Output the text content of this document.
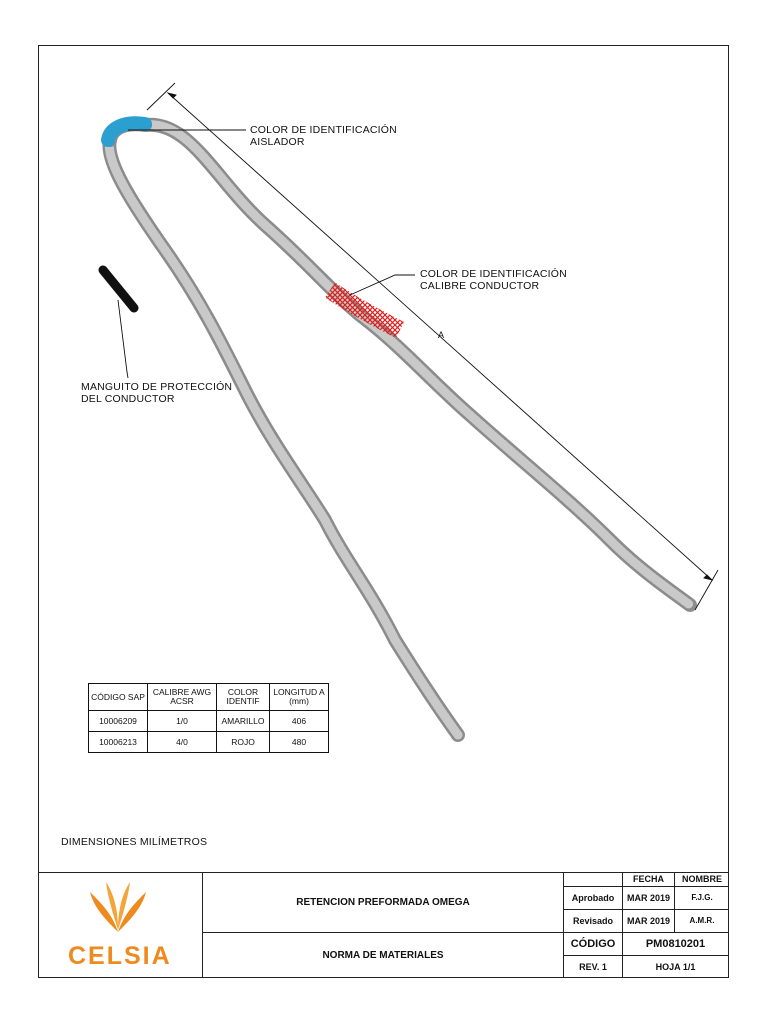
COLOR DE IDENTIFICACIÓN
AISLADOR
COLOR DE IDENTIFICACIÓN
CALIBRE CONDUCTOR
MANGUITO DE PROTECCIÓN
DEL CONDUCTOR
A
CÓDIGO SAP	CALIBRE AWG ACSR	COLOR IDENTIF	LONGITUD A (mm)
10006209	1/0	AMARILLO	406
10006213	4/0	ROJO	480
DIMENSIONES MILÍMETROS
CELSIA
RETENCION PREFORMADA OMEGA
NORMA DE MATERIALES
FECHA	NOMBRE
Aprobado	MAR 2019	F.J.G.
Revisado	MAR 2019	A.M.R.
CÓDIGO	PM0810201
REV. 1	HOJA 1/1
